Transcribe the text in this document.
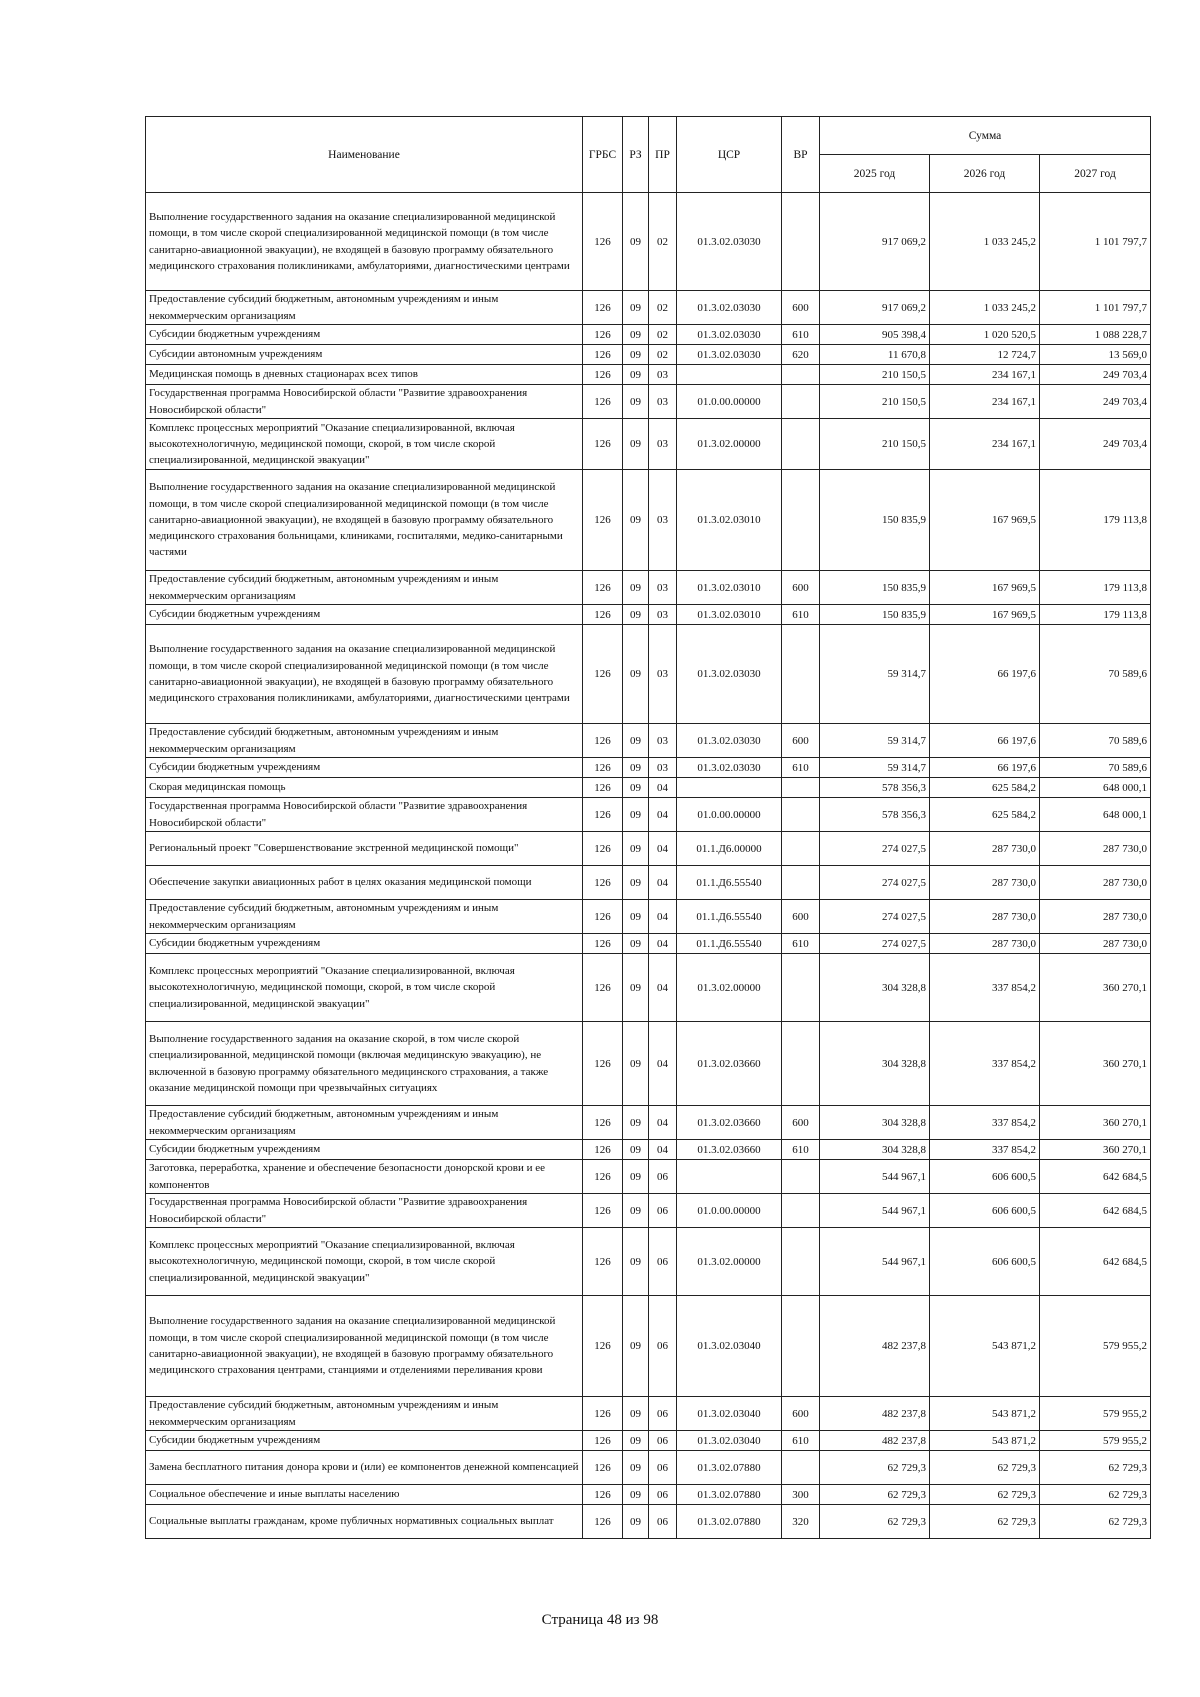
Наименование	ГРБС	РЗ	ПР	ЦСР	ВР	Сумма		
						2025 год	2026 год	2027 год
Выполнение государственного задания на оказание специализированной медицинской помощи, в том числе скорой специализированной медицинской помощи (в том числе санитарно-авиационной эвакуации), не входящей в базовую программу обязательного медицинского страхования поликлиниками, амбулаториями, диагностическими центрами	126	09	02	01.3.02.03030		917 069,2	1 033 245,2	1 101 797,7
Предоставление субсидий бюджетным, автономным учреждениям и иным некоммерческим организациям	126	09	02	01.3.02.03030	600	917 069,2	1 033 245,2	1 101 797,7
Субсидии бюджетным учреждениям	126	09	02	01.3.02.03030	610	905 398,4	1 020 520,5	1 088 228,7
Субсидии автономным учреждениям	126	09	02	01.3.02.03030	620	11 670,8	12 724,7	13 569,0
Медицинская помощь в дневных стационарах всех типов	126	09	03			210 150,5	234 167,1	249 703,4
Государственная программа Новосибирской области "Развитие здравоохранения Новосибирской области"	126	09	03	01.0.00.00000		210 150,5	234 167,1	249 703,4
Комплекс процессных мероприятий "Оказание специализированной, включая высокотехнологичную, медицинской помощи, скорой, в том числе скорой специализированной, медицинской эвакуации"	126	09	03	01.3.02.00000		210 150,5	234 167,1	249 703,4
Выполнение государственного задания на оказание специализированной медицинской помощи, в том числе скорой специализированной медицинской помощи (в том числе санитарно-авиационной эвакуации), не входящей в базовую программу обязательного медицинского страхования больницами, клиниками, госпиталями, медико-санитарными частями	126	09	03	01.3.02.03010		150 835,9	167 969,5	179 113,8
Предоставление субсидий бюджетным, автономным учреждениям и иным некоммерческим организациям	126	09	03	01.3.02.03010	600	150 835,9	167 969,5	179 113,8
Субсидии бюджетным учреждениям	126	09	03	01.3.02.03010	610	150 835,9	167 969,5	179 113,8
Выполнение государственного задания на оказание специализированной медицинской помощи, в том числе скорой специализированной медицинской помощи (в том числе санитарно-авиационной эвакуации), не входящей в базовую программу обязательного медицинского страхования поликлиниками, амбулаториями, диагностическими центрами	126	09	03	01.3.02.03030		59 314,7	66 197,6	70 589,6
Предоставление субсидий бюджетным, автономным учреждениям и иным некоммерческим организациям	126	09	03	01.3.02.03030	600	59 314,7	66 197,6	70 589,6
Субсидии бюджетным учреждениям	126	09	03	01.3.02.03030	610	59 314,7	66 197,6	70 589,6
Скорая медицинская помощь	126	09	04			578 356,3	625 584,2	648 000,1
Государственная программа Новосибирской области "Развитие здравоохранения Новосибирской области"	126	09	04	01.0.00.00000		578 356,3	625 584,2	648 000,1
Региональный проект "Совершенствование экстренной медицинской помощи"	126	09	04	01.1.Д6.00000		274 027,5	287 730,0	287 730,0
Обеспечение закупки авиационных работ в целях оказания медицинской помощи	126	09	04	01.1.Д6.55540		274 027,5	287 730,0	287 730,0
Предоставление субсидий бюджетным, автономным учреждениям и иным некоммерческим организациям	126	09	04	01.1.Д6.55540	600	274 027,5	287 730,0	287 730,0
Субсидии бюджетным учреждениям	126	09	04	01.1.Д6.55540	610	274 027,5	287 730,0	287 730,0
Комплекс процессных мероприятий "Оказание специализированной, включая высокотехнологичную, медицинской помощи, скорой, в том числе скорой специализированной, медицинской эвакуации"	126	09	04	01.3.02.00000		304 328,8	337 854,2	360 270,1
Выполнение государственного задания на оказание скорой, в том числе скорой специализированной, медицинской помощи (включая медицинскую эвакуацию), не включенной в базовую программу обязательного медицинского страхования, а также оказание медицинской помощи при чрезвычайных ситуациях	126	09	04	01.3.02.03660		304 328,8	337 854,2	360 270,1
Предоставление субсидий бюджетным, автономным учреждениям и иным некоммерческим организациям	126	09	04	01.3.02.03660	600	304 328,8	337 854,2	360 270,1
Субсидии бюджетным учреждениям	126	09	04	01.3.02.03660	610	304 328,8	337 854,2	360 270,1
Заготовка, переработка, хранение и обеспечение безопасности донорской крови и ее компонентов	126	09	06			544 967,1	606 600,5	642 684,5
Государственная программа Новосибирской области "Развитие здравоохранения Новосибирской области"	126	09	06	01.0.00.00000		544 967,1	606 600,5	642 684,5
Комплекс процессных мероприятий "Оказание специализированной, включая высокотехнологичную, медицинской помощи, скорой, в том числе скорой специализированной, медицинской эвакуации"	126	09	06	01.3.02.00000		544 967,1	606 600,5	642 684,5
Выполнение государственного задания на оказание специализированной медицинской помощи, в том числе скорой специализированной медицинской помощи (в том числе санитарно-авиационной эвакуации), не входящей в базовую программу обязательного медицинского страхования центрами, станциями и отделениями переливания крови	126	09	06	01.3.02.03040		482 237,8	543 871,2	579 955,2
Предоставление субсидий бюджетным, автономным учреждениям и иным некоммерческим организациям	126	09	06	01.3.02.03040	600	482 237,8	543 871,2	579 955,2
Субсидии бюджетным учреждениям	126	09	06	01.3.02.03040	610	482 237,8	543 871,2	579 955,2
Замена бесплатного питания донора крови и (или) ее компонентов денежной компенсацией	126	09	06	01.3.02.07880		62 729,3	62 729,3	62 729,3
Социальное обеспечение и иные выплаты населению	126	09	06	01.3.02.07880	300	62 729,3	62 729,3	62 729,3
Социальные выплаты гражданам, кроме публичных нормативных социальных выплат	126	09	06	01.3.02.07880	320	62 729,3	62 729,3	62 729,3
Страница 48 из 98
